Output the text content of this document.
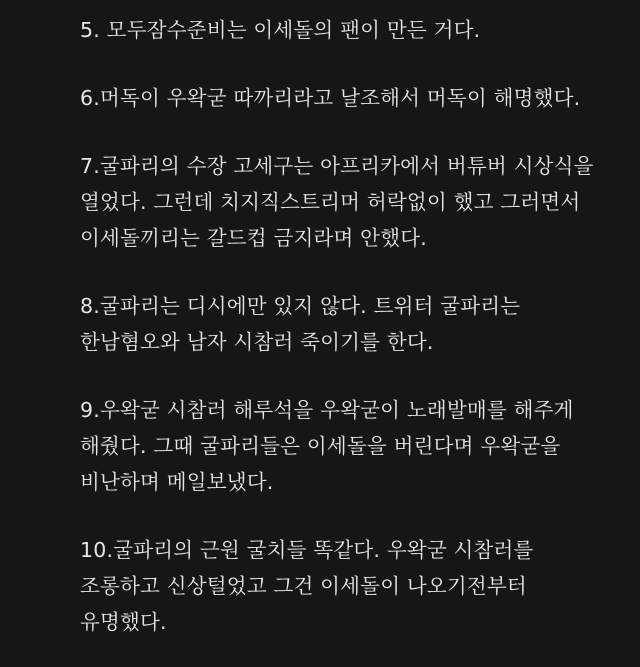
5. 모두잠수준비는 이세돌의 팬이 만든 거다.
6.머독이 우왁굳 따까리라고 날조해서 머독이 해명했다.
7.굴파리의 수장 고세구는 아프리카에서 버튜버 시상식을
열었다. 그런데 치지직스트리머 허락없이 했고 그러면서
이세돌끼리는 갈드컵 금지라며 안했다.
8.굴파리는 디시에만 있지 않다. 트위터 굴파리는
한남혐오와 남자 시참러 죽이기를 한다.
9.우왁굳 시참러 해루석을 우왁굳이 노래발매를 해주게
해줬다. 그때 굴파리들은 이세돌을 버린다며 우왁굳을
비난하며 메일보냈다.
10.굴파리의 근원 굴치들 똑같다. 우왁굳 시참러를
조롱하고 신상털었고 그건 이세돌이 나오기전부터
유명했다.
